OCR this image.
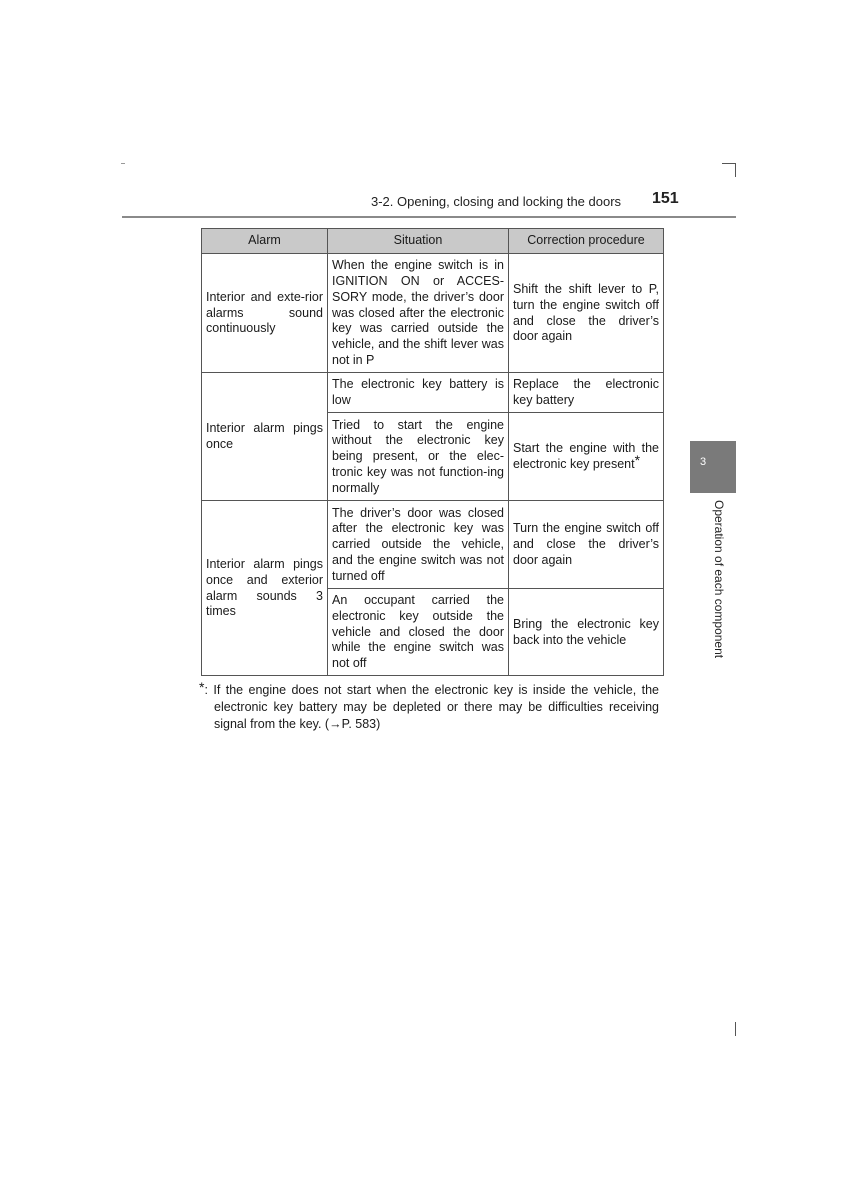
3-2. Opening, closing and locking the doors 151
3
Operation of each component
Alarm	Situation	Correction procedure
Interior and exte-rior alarms sound continuously	When the engine switch is in IGNITION ON or ACCES-SORY mode, the driver’s door was closed after the electronic key was carried outside the vehicle, and the shift lever was not in P	Shift the shift lever to P, turn the engine switch off and close the driver’s door again
Interior alarm pings once	The electronic key battery is low	Replace the electronic key battery
	Tried to start the engine without the electronic key being present, or the elec-tronic key was not function-ing normally	Start the engine with the electronic key present*
Interior alarm pings once and exterior alarm sounds 3 times	The driver’s door was closed after the electronic key was carried outside the vehicle, and the engine switch was not turned off	Turn the engine switch off and close the driver’s door again
	An occupant carried the electronic key outside the vehicle and closed the door while the engine switch was not off	Bring the electronic key back into the vehicle
*: If the engine does not start when the electronic key is inside the vehicle, the electronic key battery may be depleted or there may be difficulties receiving signal from the key. (→P. 583)
